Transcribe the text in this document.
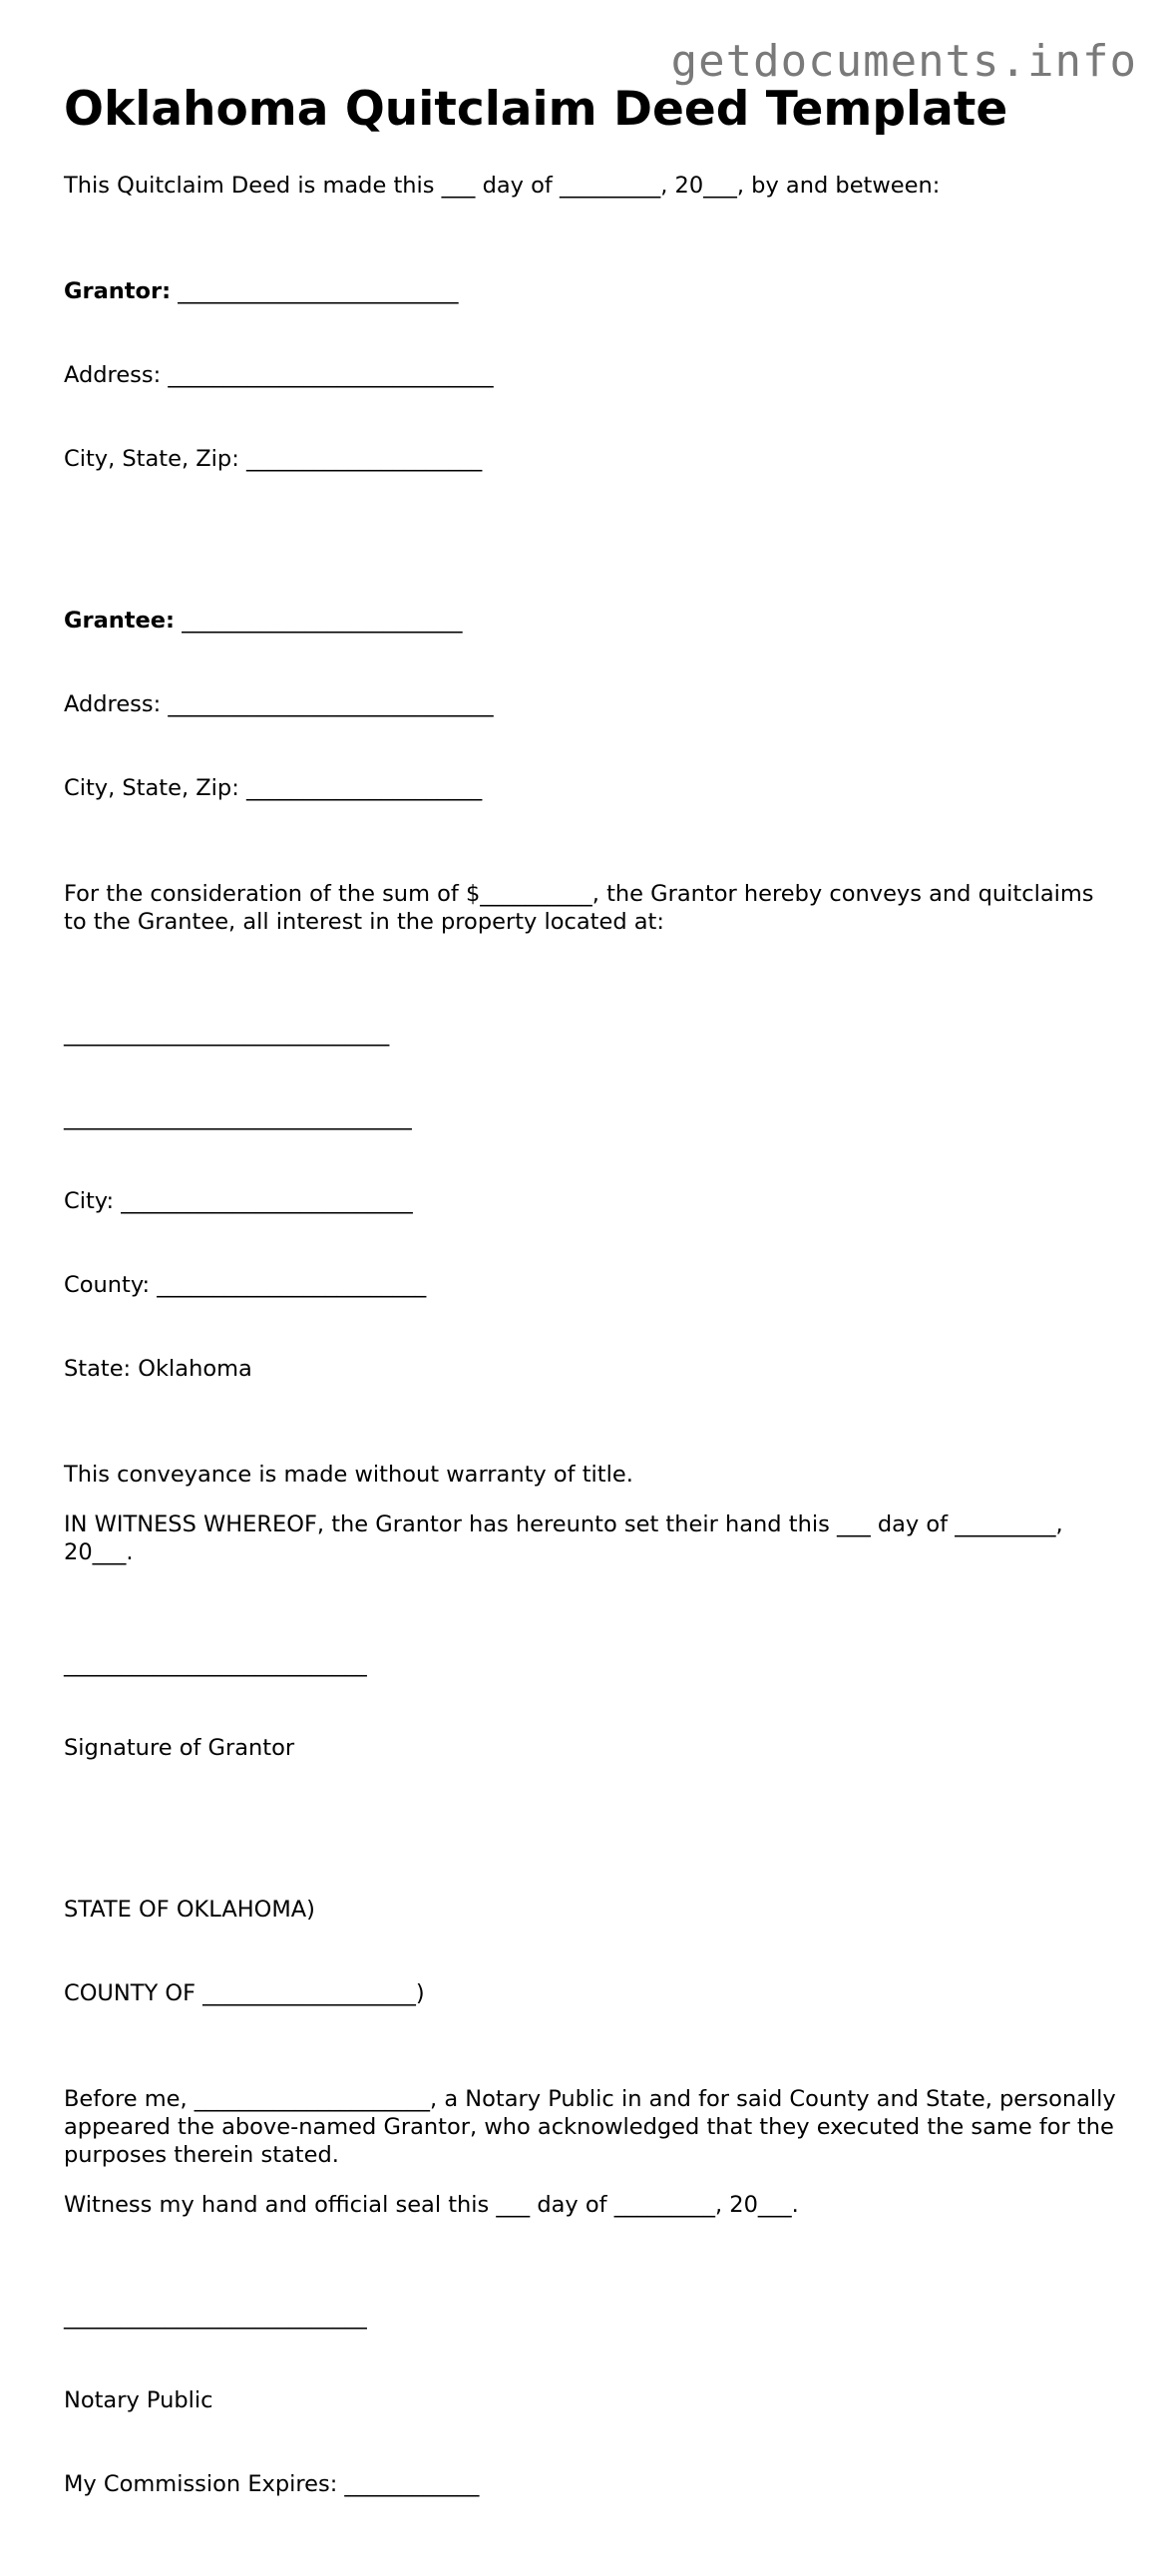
getdocuments.info
Oklahoma Quitclaim Deed Template

This Quitclaim Deed is made this ___ day of _________, 20___, by and between:

Grantor: _________________________

Address: _____________________________

City, State, Zip: _____________________

Grantee: _________________________

Address: _____________________________

City, State, Zip: _____________________

For the consideration of the sum of $__________, the Grantor hereby conveys and quitclaims to the Grantee, all interest in the property located at:

_____________________________

_______________________________

City: __________________________

County: ________________________

State: Oklahoma

This conveyance is made without warranty of title.

IN WITNESS WHEREOF, the Grantor has hereunto set their hand this ___ day of _________, 20___.

___________________________

Signature of Grantor

STATE OF OKLAHOMA)

COUNTY OF ___________________)

Before me, _____________________, a Notary Public in and for said County and State, personally appeared the above-named Grantor, who acknowledged that they executed the same for the purposes therein stated.

Witness my hand and official seal this ___ day of _________, 20___.

___________________________

Notary Public

My Commission Expires: ____________
